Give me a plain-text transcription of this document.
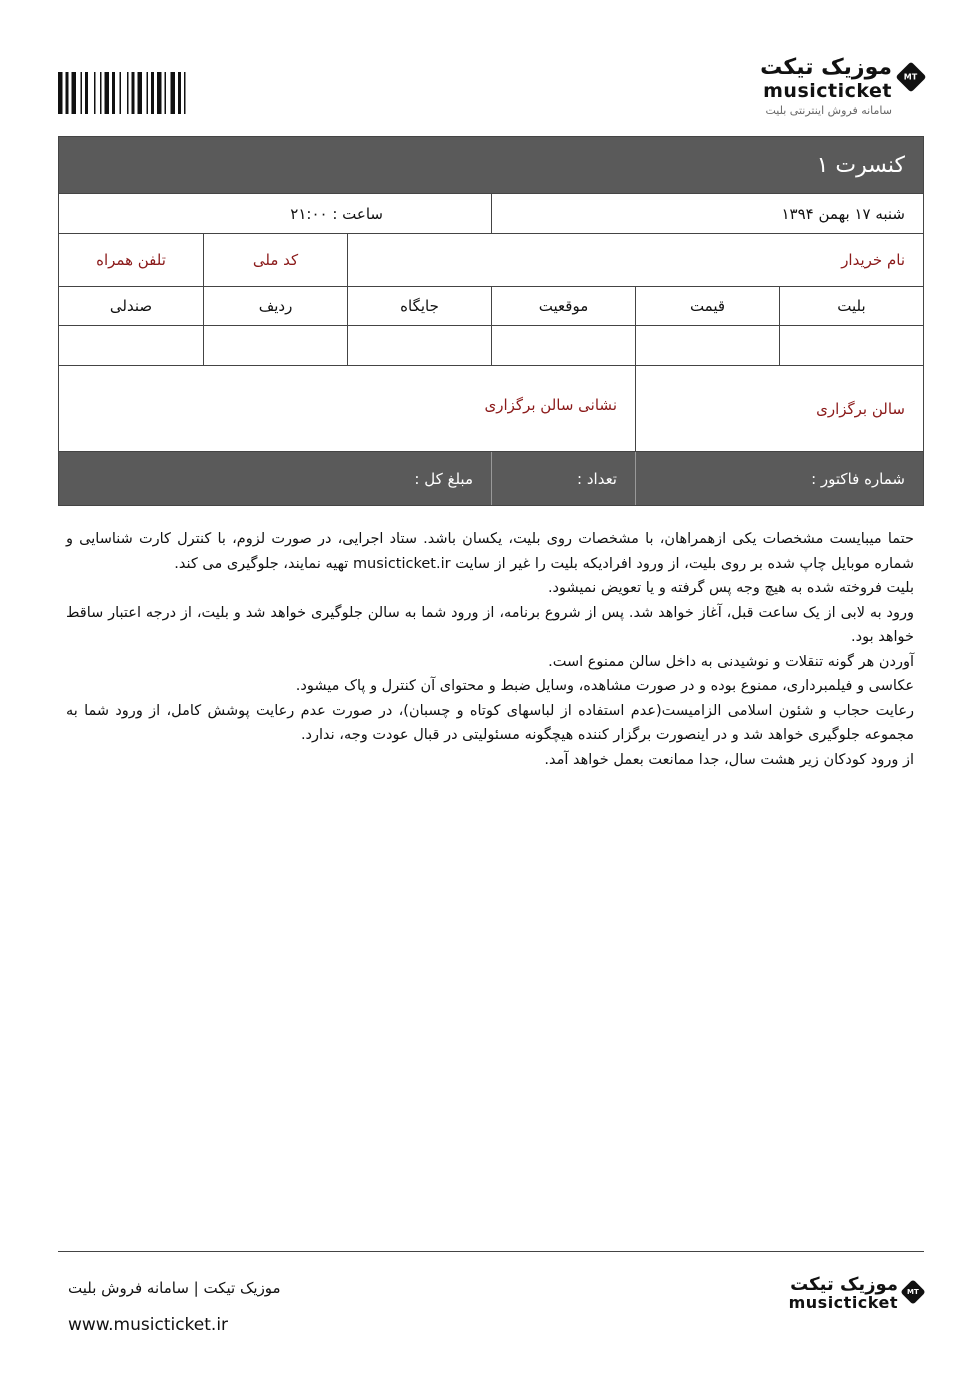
موزیک تیکت
musicticket
سامانه فروش اینترنتی بلیت
MT
کنسرت ۱
شنبه ۱۷ بهمن ۱۳۹۴
ساعت : ۲۱:۰۰
نام خریدار
کد ملی
تلفن همراه
بلیت
قیمت
موقعیت
جایگاه
ردیف
صندلی
سالن برگزاری
نشانی سالن برگزاری
شماره فاکتور :
تعداد :
مبلغ کل :

حتما میبایست مشخصات یکی ازهمراهان، با مشخصات روی بلیت، یکسان باشد. ستاد اجرایی، در صورت لزوم، با کنترل کارت شناسایی و شماره موبایل چاپ شده بر روی بلیت، از ورود افرادیکه بلیت را غیر از سایت musicticket.ir تهیه نمایند، جلوگیری می کند.

بلیت فروخته شده به هیچ وجه پس گرفته و یا تعویض نمیشود.

ورود به لابی از یک ساعت قبل، آغاز خواهد شد. پس از شروع برنامه، از ورود شما به سالن جلوگیری خواهد شد و بلیت، از درجه اعتبار ساقط خواهد بود.

آوردن هر گونه تنقلات و نوشیدنی به داخل سالن ممنوع است.

عکاسی و فیلمبرداری، ممنوع بوده و در صورت مشاهده، وسایل ضبط و محتوای آن کنترل و پاک میشود.

رعایت حجاب و شئون اسلامی الزامیست(عدم استفاده از لباسهای کوتاه و چسبان)، در صورت عدم رعایت پوشش کامل، از ورود شما به مجموعه جلوگیری خواهد شد و در اینصورت برگزار کننده هیچگونه مسئولیتی در قبال عودت وجه، ندارد.

از ورود کودکان زیر هشت سال، جدا ممانعت بعمل خواهد آمد.

موزیک تیکت | سامانه فروش بلیت
www.musicticket.ir
موزیک تیکت
musicticket
MT
